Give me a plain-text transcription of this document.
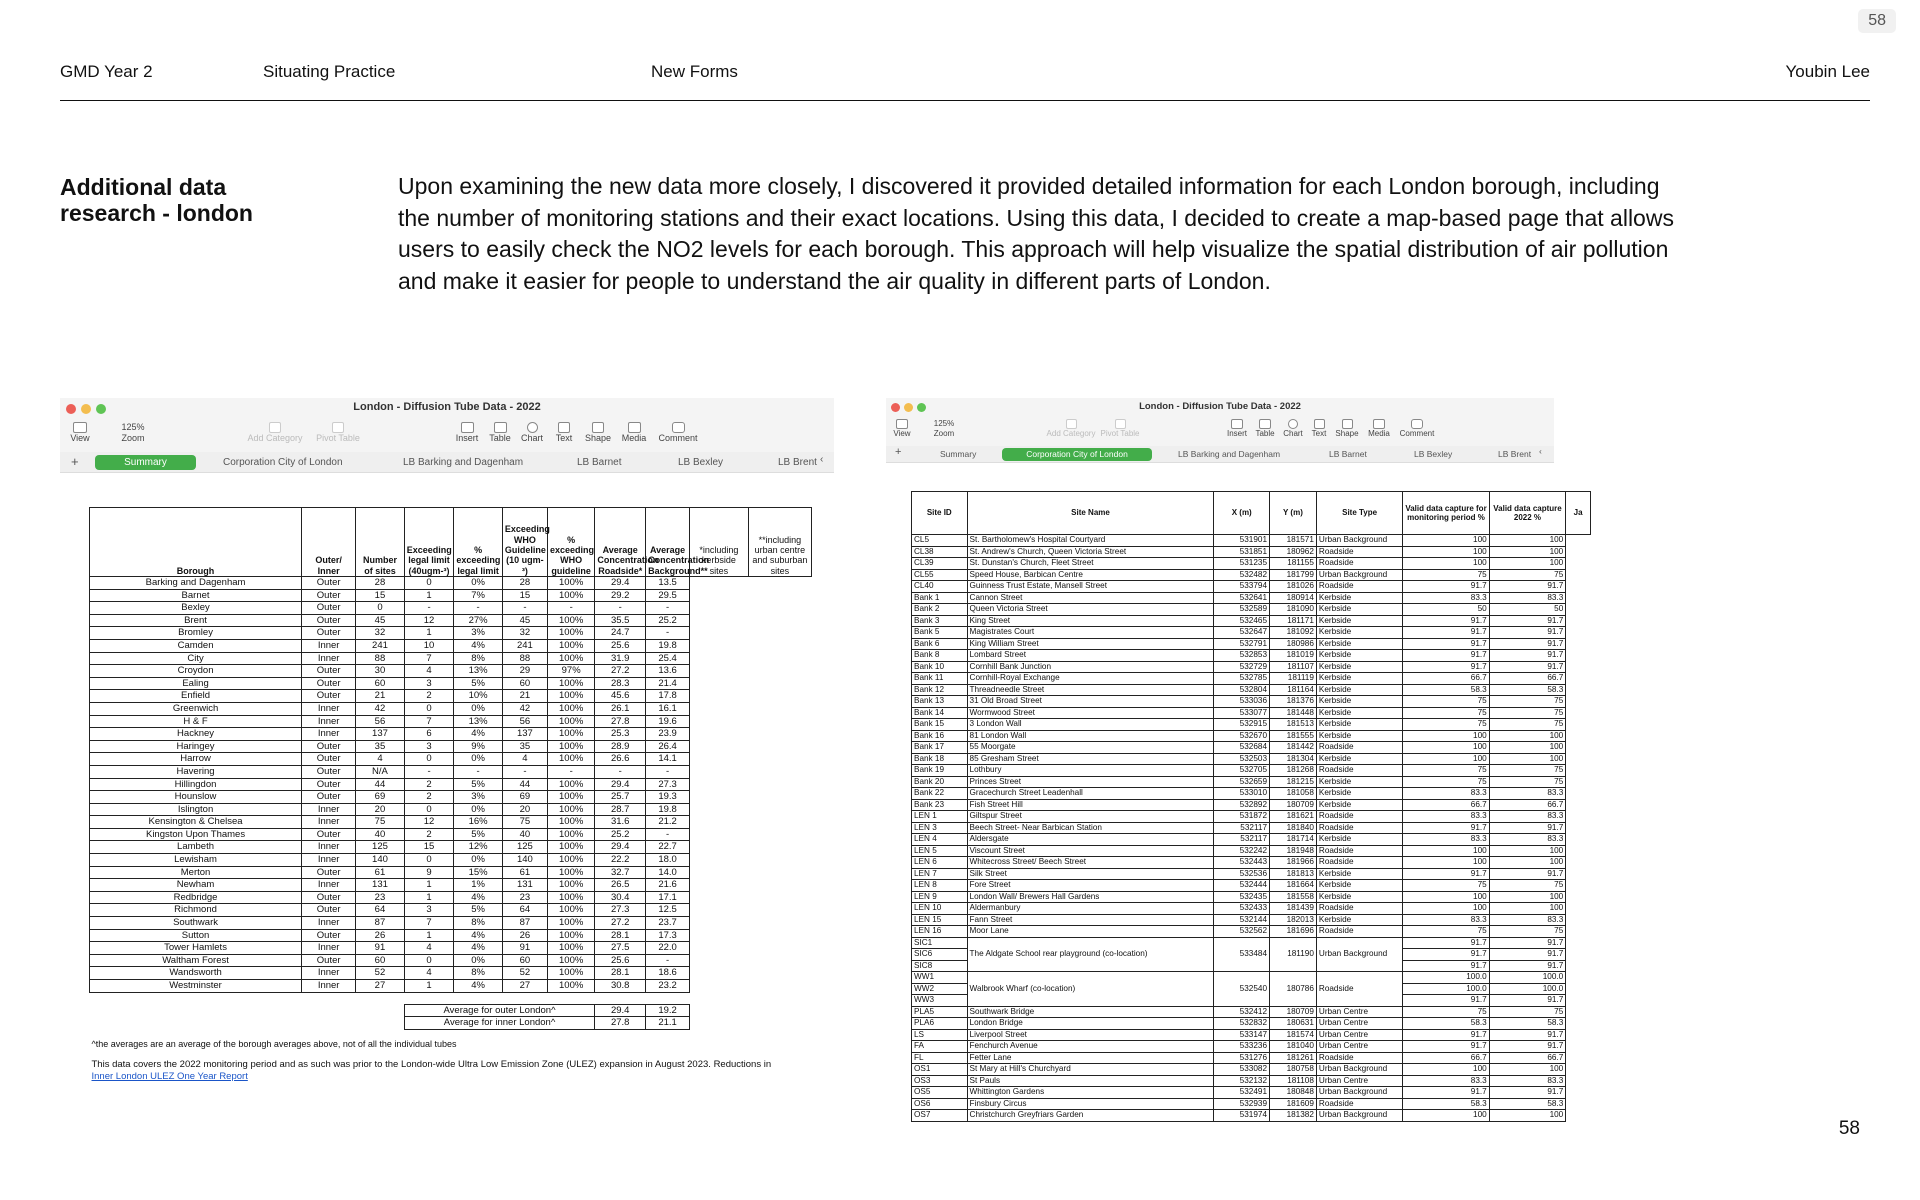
58
GMD Year 2	Situating Practice	New Forms	Youbin Lee
Additional data
research - london
Upon examining the new data more closely, I discovered it provided detailed information for each London borough, including
the number of monitoring stations and their exact locations. Using this data, I decided to create a map-based page that allows
users to easily check the NO2 levels for each borough. This approach will help visualize the spatial distribution of air pollution
and make it easier for people to understand the air quality in different parts of London.
58
London - Diffusion Tube Data - 2022
View
125%
Zoom	Add Category	Pivot Table	Insert	Table	Chart	Text	Shape	Media	Comment
+	Summary	Corporation City of London	LB Barking and Dagenham	LB Barnet	LB Bexley	LB Brent ‹
Borough	Outer/ Inner	Number of sites	Exceeding legal limit (40ugm-³)	% exceeding legal limit	Exceeding WHO Guideline (10 ugm-³)	% exceeding WHO guideline	Average Concentration Roadside*	Average Concentration Background**	*including kerbside sites	**including urban centre and suburban sites
Barking and Dagenham	Outer	28	0	0%	28	100%	29.4	13.5		
Barnet	Outer	15	1	7%	15	100%	29.2	29.5		
Bexley	Outer	0	-	-	-	-	-	-		
Brent	Outer	45	12	27%	45	100%	35.5	25.2		
Bromley	Outer	32	1	3%	32	100%	24.7	-		
Camden	Inner	241	10	4%	241	100%	25.6	19.8		
City	Inner	88	7	8%	88	100%	31.9	25.4		
Croydon	Outer	30	4	13%	29	97%	27.2	13.6		
Ealing	Outer	60	3	5%	60	100%	28.3	21.4		
Enfield	Outer	21	2	10%	21	100%	45.6	17.8		
Greenwich	Inner	42	0	0%	42	100%	26.1	16.1		
H & F	Inner	56	7	13%	56	100%	27.8	19.6		
Hackney	Inner	137	6	4%	137	100%	25.3	23.9		
Haringey	Outer	35	3	9%	35	100%	28.9	26.4		
Harrow	Outer	4	0	0%	4	100%	26.6	14.1		
Havering	Outer	N/A	-	-	-	-	-	-		
Hillingdon	Outer	44	2	5%	44	100%	29.4	27.3		
Hounslow	Outer	69	2	3%	69	100%	25.7	19.3		
Islington	Inner	20	0	0%	20	100%	28.7	19.8		
Kensington & Chelsea	Inner	75	12	16%	75	100%	31.6	21.2		
Kingston Upon Thames	Outer	40	2	5%	40	100%	25.2	-		
Lambeth	Inner	125	15	12%	125	100%	29.4	22.7		
Lewisham	Inner	140	0	0%	140	100%	22.2	18.0		
Merton	Outer	61	9	15%	61	100%	32.7	14.0		
Newham	Inner	131	1	1%	131	100%	26.5	21.6		
Redbridge	Outer	23	1	4%	23	100%	30.4	17.1		
Richmond	Outer	64	3	5%	64	100%	27.3	12.5		
Southwark	Inner	87	7	8%	87	100%	27.2	23.7		
Sutton	Outer	26	1	4%	26	100%	28.1	17.3		
Tower Hamlets	Inner	91	4	4%	91	100%	27.5	22.0		
Waltham Forest	Outer	60	0	0%	60	100%	25.6	-		
Wandsworth	Inner	52	4	8%	52	100%	28.1	18.6		
Westminster	Inner	27	1	4%	27	100%	30.8	23.2		

			Average for outer London^				29.4	19.2		
			Average for inner London^				27.8	21.1		

^the averages are an average of the borough averages above, not of all the individual tubes										

This data covers the 2022 monitoring period and as such was prior to the London-wide Ultra Low Emission Zone (ULEZ) expansion in August 2023. Reductions in										
Inner London ULEZ One Year Report										
London - Diffusion Tube Data - 2022
View
125%
Zoom	Add Category Pivot Table	Insert	Table	Chart	Text	Shape	Media	Comment
+	Summary	Corporation City of London	LB Barking and Dagenham	LB Barnet	LB Bexley	LB Brent ‹
Site ID	Site Name	X (m)	Y (m)	Site Type	Valid data capture for monitoring period %	Valid data capture 2022 %	Ja
CL5	St. Bartholomew's Hospital Courtyard	531901	181571	Urban Background	100	100	
CL38	St. Andrew's Church, Queen Victoria Street	531851	180962	Roadside	100	100	
CL39	St. Dunstan's Church, Fleet Street	531235	181155	Roadside	100	100	
CL55	Speed House, Barbican Centre	532482	181799	Urban Background	75	75	
CL40	Guinness Trust Estate, Mansell Street	533794	181026	Roadside	91.7	91.7	
Bank 1	Cannon Street	532641	180914	Kerbside	83.3	83.3	
Bank 2	Queen Victoria Street	532589	181090	Kerbside	50	50	
Bank 3	King Street	532465	181171	Kerbside	91.7	91.7	
Bank 5	Magistrates Court	532647	181092	Kerbside	91.7	91.7	
Bank 6	King William Street	532791	180986	Kerbside	91.7	91.7	
Bank 8	Lombard Street	532853	181019	Kerbside	91.7	91.7	
Bank 10	Cornhill Bank Junction	532729	181107	Kerbside	91.7	91.7	
Bank 11	Cornhill-Royal Exchange	532785	181119	Kerbside	66.7	66.7	
Bank 12	Threadneedle Street	532804	181164	Kerbside	58.3	58.3	
Bank 13	31 Old Broad Street	533036	181376	Kerbside	75	75	
Bank 14	Wormwood Street	533077	181448	Kerbside	75	75	
Bank 15	3 London Wall	532915	181513	Kerbside	75	75	
Bank 16	81 London Wall	532670	181555	Kerbside	100	100	
Bank 17	55 Moorgate	532684	181442	Roadside	100	100	
Bank 18	85 Gresham Street	532503	181304	Kerbside	100	100	
Bank 19	Lothbury	532705	181268	Roadside	75	75	
Bank 20	Princes Street	532659	181215	Kerbside	75	75	
Bank 22	Gracechurch Street Leadenhall	533010	181058	Kerbside	83.3	83.3	
Bank 23	Fish Street Hill	532892	180709	Kerbside	66.7	66.7	
LEN 1	Giltspur Street	531872	181621	Roadside	83.3	83.3	
LEN 3	Beech Street- Near Barbican Station	532117	181840	Roadside	91.7	91.7	
LEN 4	Aldersgate	532117	181714	Kerbside	83.3	83.3	
LEN 5	Viscount Street	532242	181948	Roadside	100	100	
LEN 6	Whitecross Street/ Beech Street	532443	181966	Roadside	100	100	
LEN 7	Silk Street	532536	181813	Kerbside	91.7	91.7	
LEN 8	Fore Street	532444	181664	Kerbside	75	75	
LEN 9	London Wall/ Brewers Hall Gardens	532435	181558	Kerbside	100	100	
LEN 10	Aldermanbury	532433	181439	Roadside	100	100	
LEN 15	Fann Street	532144	182013	Kerbside	83.3	83.3	
LEN 16	Moor Lane	532562	181696	Roadside	75	75	
SIC1	The Aldgate School rear playground (co-location)	533484	181190	Urban Background	91.7	91.7	
SIC6					91.7	91.7	
SIC8					91.7	91.7	
WW1	Walbrook Wharf (co-location)	532540	180786	Roadside	100.0	100.0	
WW2					100.0	100.0	
WW3					91.7	91.7	
PLA5	Southwark Bridge	532412	180709	Urban Centre	75	75	
PLA6	London Bridge	532832	180631	Urban Centre	58.3	58.3	
LS	Liverpool Street	533147	181574	Urban Centre	91.7	91.7	
FA	Fenchurch Avenue	533236	181040	Urban Centre	91.7	91.7	
FL	Fetter Lane	531276	181261	Roadside	66.7	66.7	
OS1	St Mary at Hill's Churchyard	533082	180758	Urban Background	100	100	
OS3	St Pauls	532132	181108	Urban Centre	83.3	83.3	
OS5	Whittington Gardens	532491	180848	Urban Background	91.7	91.7	
OS6	Finsbury Circus	532939	181609	Roadside	58.3	58.3	
OS7	Christchurch Greyfriars Garden	531974	181382	Urban Background	100	100	
